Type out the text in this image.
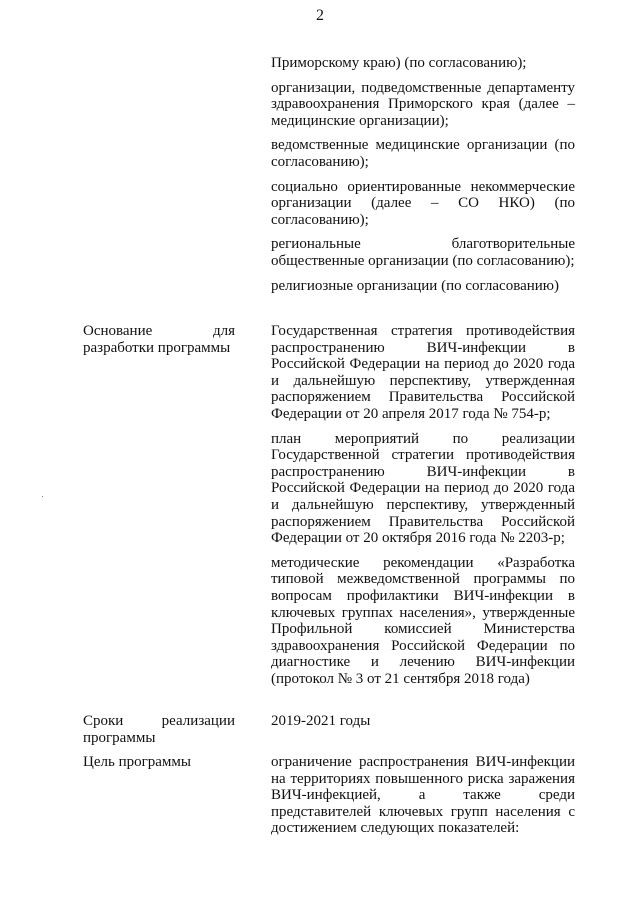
2
Приморскому краю) (по согласованию);
организации, подведомственные департаменту здравоохранения Приморского края (далее – медицинские организации);
ведомственные медицинские организации (по согласованию);
социально ориентированные некоммерческие организации (далее – СО НКО) (по согласованию);
региональные благотворительные общественные организации (по согласованию);
религиозные организации (по согласованию)
Основание для разработки программы
Государственная стратегия противодействия распространению ВИЧ-инфекции в Российской Федерации на период до 2020 года и дальнейшую перспективу, утвержденная распоряжением Правительства Российской Федерации от 20 апреля 2017 года № 754-р;
план мероприятий по реализации Государственной стратегии противодействия распространению ВИЧ-инфекции в Российской Федерации на период до 2020 года и дальнейшую перспективу, утвержденный распоряжением Правительства Российской Федерации от 20 октября 2016 года № 2203-р;
методические рекомендации «Разработка типовой межведомственной программы по вопросам профилактики ВИЧ-инфекции в ключевых группах населения», утвержденные Профильной комиссией Министерства здравоохранения Российской Федерации по диагностике и лечению ВИЧ-инфекции (протокол № 3 от 21 сентября 2018 года)
Сроки реализации программы
2019-2021 годы
Цель программы	ограничение распространения ВИЧ-инфекции на территориях повышенного риска заражения ВИЧ-инфекцией, а также среди представителей ключевых групп населения с достижением следующих показателей:
